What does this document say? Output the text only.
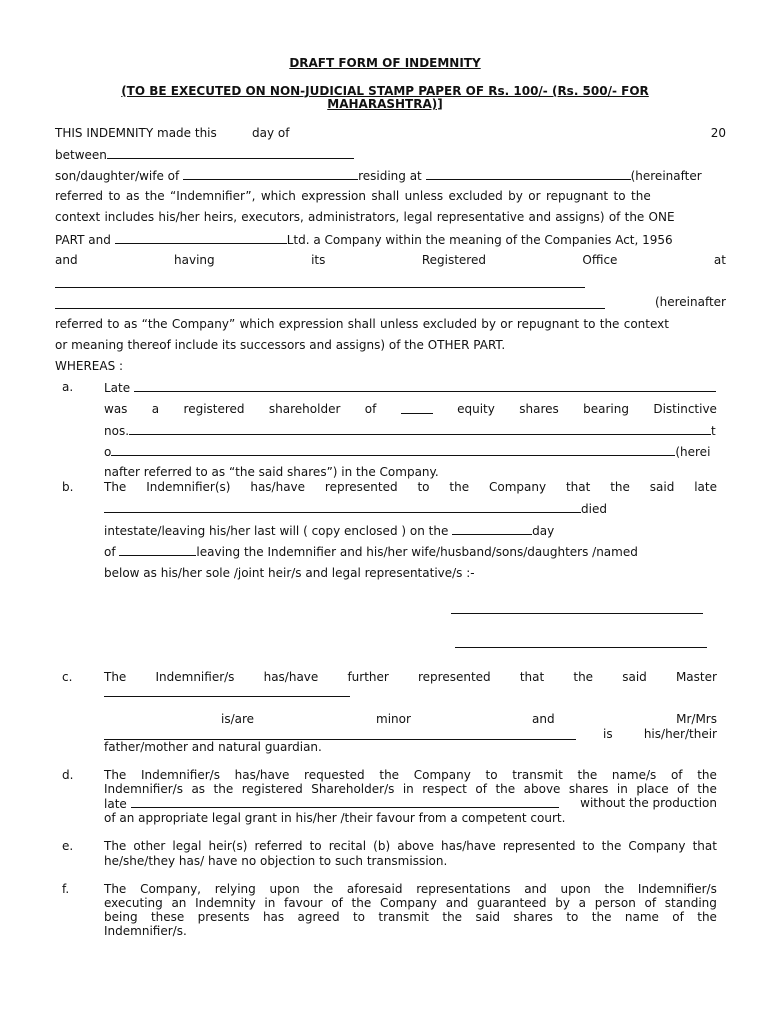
DRAFT FORM OF INDEMNITY
(TO BE EXECUTED ON NON-JUDICIAL STAMP PAPER OF Rs. 100/- (Rs. 500/- FOR
MAHARASHTRA)]
THIS INDEMNITY made this	day of	20
between
son/daughter/wife of	residing at	(hereinafter
referred to as the “Indemnifier”, which expression shall unless excluded by or repugnant to the
context includes his/her heirs, executors, administrators, legal representative and assigns) of the ONE
PART and	Ltd. a Company within the meaning of the Companies Act, 1956
and	having	its	Registered	Office	at
(hereinafter
referred to as “the Company” which expression shall unless excluded by or repugnant to the context
or meaning thereof include its successors and assigns) of the OTHER PART.
WHEREAS :
a.	Late
was a registered shareholder of	equity shares bearing Distinctive
nos.	t
o	(herei
nafter referred to as “the said shares”) in the Company.
b.	The Indemnifier(s) has/have represented to the Company that the said late
died
intestate/leaving his/her last will ( copy enclosed ) on the	day
of	leaving the Indemnifier and his/her wife/husband/sons/daughters /named
below as his/her sole /joint heir/s and legal representative/s :-
c.	The Indemnifier/s has/have further represented that the said Master
is/are	minor	and	Mr/Mrs
is	his/her/their
father/mother and natural guardian.
d.	The Indemnifier/s has/have requested the Company to transmit the name/s of the
Indemnifier/s as the registered Shareholder/s in respect of the above shares in place of the
late	without the production
of an appropriate legal grant in his/her /their favour from a competent court.
e.	The other legal heir(s) referred to recital (b) above has/have represented to the Company that
he/she/they has/ have no objection to such transmission.
f.	The Company, relying upon the aforesaid representations and upon the Indemnifier/s
executing an Indemnity in favour of the Company and guaranteed by a person of standing
being these presents has agreed to transmit the said shares to the name of the
Indemnifier/s.
